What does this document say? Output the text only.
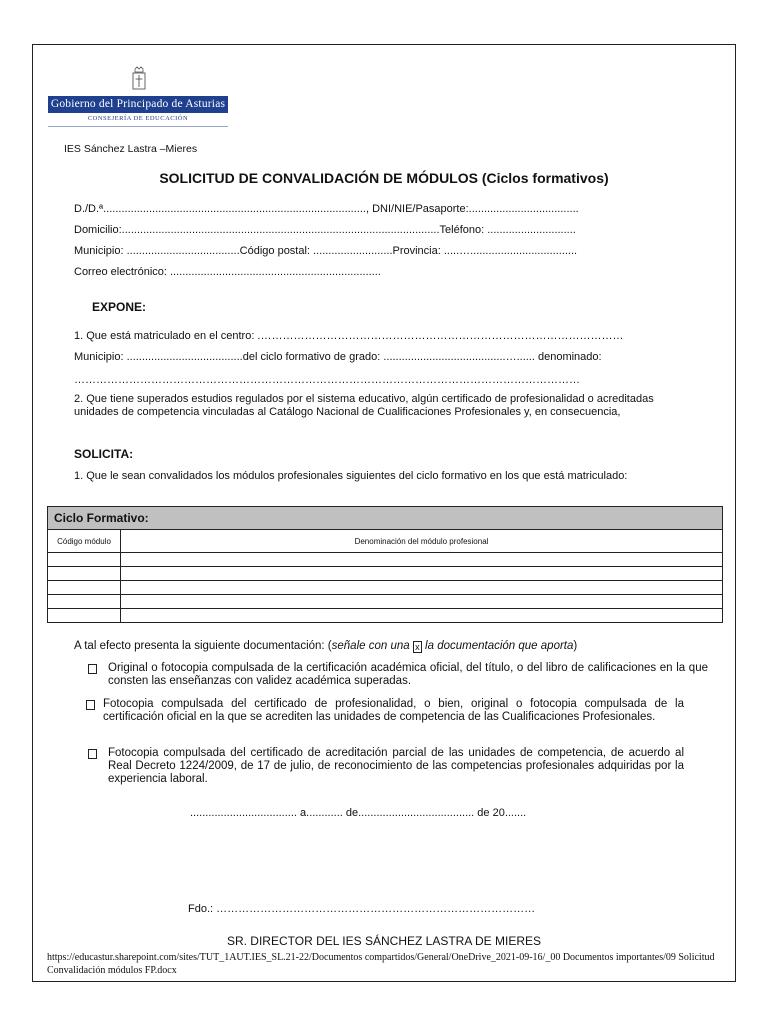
Gobierno del Principado de Asturias
CONSEJERÍA DE EDUCACIÓN
IES Sánchez Lastra –Mieres
SOLICITUD DE CONVALIDACIÓN DE MÓDULOS (Ciclos formativos)
D./D.ª......................................................................................, DNI/NIE/Pasaporte:....................................
Domicilio:........................................................................................................Teléfono: .............................
Municipio: .....................................Código postal: ..........................Provincia: .....…...................................
Correo electrónico: .....................................................................
EXPONE:
1. Que está matriculado en el centro: .………………………………………………………………………………………
Municipio: ......................................del ciclo formativo de grado: ........................................…...... denominado:
…………………………………………………………………………………………………………………………
2. Que tiene superados estudios regulados por el sistema educativo, algún certificado de profesionalidad o acreditadas unidades de competencia vinculadas al Catálogo Nacional de Cualificaciones Profesionales y, en consecuencia,
SOLICITA:
1. Que le sean convalidados los módulos profesionales siguientes del ciclo formativo en los que está matriculado:
Ciclo Formativo:	
Código módulo	Denominación del módulo profesional

A tal efecto presenta la siguiente documentación: (señale con una x la documentación que aporta)
Original o fotocopia compulsada de la certificación académica oficial, del título, o del libro de calificaciones en la que consten las enseñanzas con validez académica superadas.
Fotocopia compulsada del certificado de profesionalidad, o bien, original o fotocopia compulsada de la certificación oficial en la que se acrediten las unidades de competencia de las Cualificaciones Profesionales.
Fotocopia compulsada del certificado de acreditación parcial de las unidades de competencia, de acuerdo al Real Decreto 1224/2009, de 17 de julio, de reconocimiento de las competencias profesionales adquiridas por la experiencia laboral.
................................... a............ de...................................... de 20.......
Fdo.: ……………………………………………………………………………
SR. DIRECTOR DEL IES SÁNCHEZ LASTRA DE MIERES
https://educastur.sharepoint.com/sites/TUT_1AUT.IES_SL.21-22/Documentos compartidos/General/OneDrive_2021-09-16/_00 Documentos importantes/09 Solicitud Convalidación módulos FP.docx
